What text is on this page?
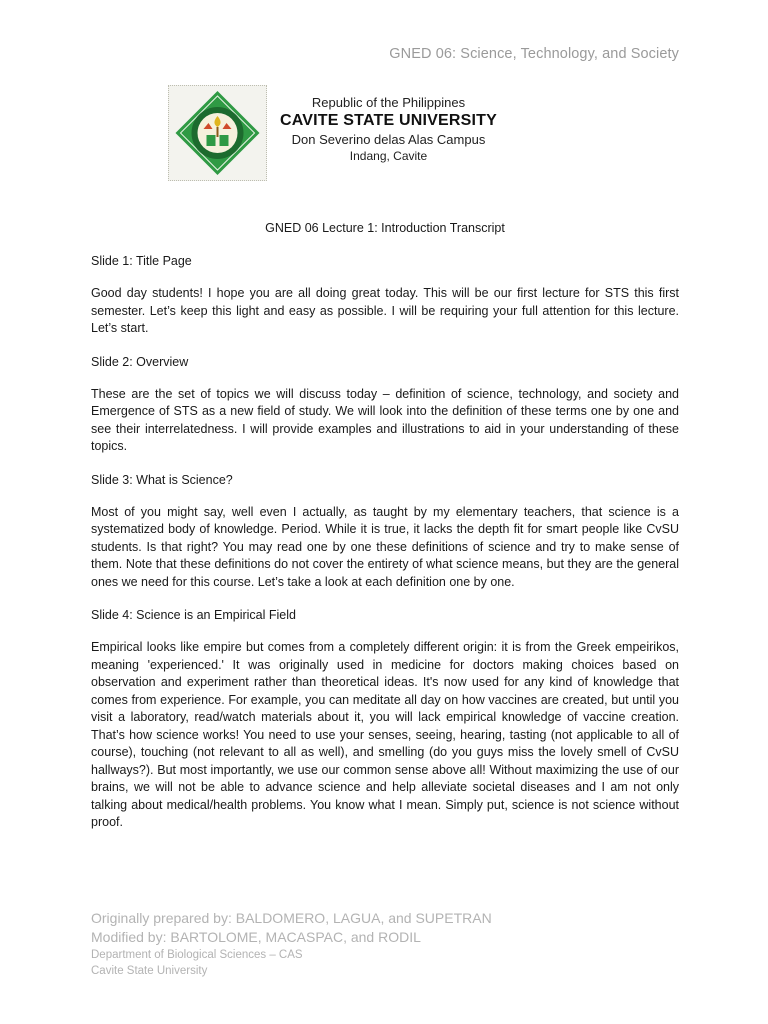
GNED 06: Science, Technology, and Society
Republic of the Philippines
CAVITE STATE UNIVERSITY
Don Severino delas Alas Campus
Indang, Cavite
GNED 06 Lecture 1: Introduction Transcript
Slide 1: Title Page
Good day students! I hope you are all doing great today. This will be our first lecture for STS this first semester. Let’s keep this light and easy as possible. I will be requiring your full attention for this lecture. Let’s start.
Slide 2: Overview
These are the set of topics we will discuss today – definition of science, technology, and society and Emergence of STS as a new field of study. We will look into the definition of these terms one by one and see their interrelatedness. I will provide examples and illustrations to aid in your understanding of these topics.
Slide 3: What is Science?
Most of you might say, well even I actually, as taught by my elementary teachers, that science is a systematized body of knowledge. Period. While it is true, it lacks the depth fit for smart people like CvSU students. Is that right? You may read one by one these definitions of science and try to make sense of them. Note that these definitions do not cover the entirety of what science means, but they are the general ones we need for this course. Let’s take a look at each definition one by one.
Slide 4: Science is an Empirical Field
Empirical looks like empire but comes from a completely different origin: it is from the Greek empeirikos, meaning 'experienced.' It was originally used in medicine for doctors making choices based on observation and experiment rather than theoretical ideas. It's now used for any kind of knowledge that comes from experience. For example, you can meditate all day on how vaccines are created, but until you visit a laboratory, read/watch materials about it, you will lack empirical knowledge of vaccine creation. That’s how science works! You need to use your senses, seeing, hearing, tasting (not applicable to all of course), touching (not relevant to all as well), and smelling (do you guys miss the lovely smell of CvSU hallways?). But most importantly, we use our common sense above all! Without maximizing the use of our brains, we will not be able to advance science and help alleviate societal diseases and I am not only talking about medical/health problems. You know what I mean. Simply put, science is not science without proof.
Originally prepared by: BALDOMERO, LAGUA, and SUPETRAN
Modified by: BARTOLOME, MACASPAC, and RODIL
Department of Biological Sciences – CAS
Cavite State University
